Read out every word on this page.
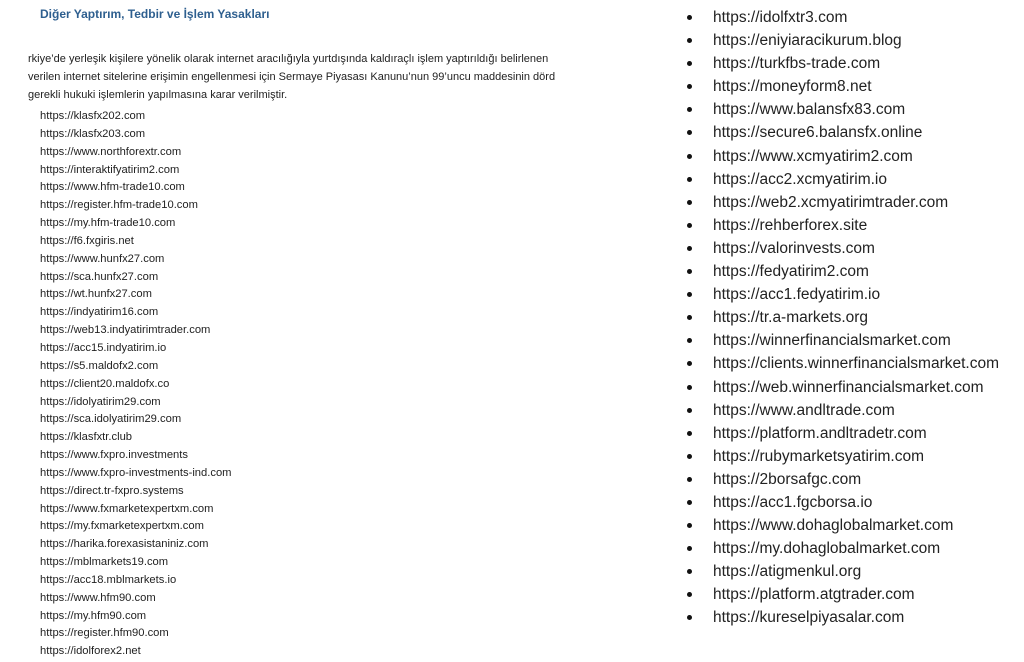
Diğer Yaptırım, Tedbir ve İşlem Yasakları
rkiye’de yerleşik kişilere yönelik olarak internet aracılığıyla yurtdışında kaldıraçlı işlem yaptırıldığı belirlenen
verilen internet sitelerine erişimin engellenmesi için Sermaye Piyasası Kanunu’nun 99’uncu maddesinin dörd
gerekli hukuki işlemlerin yapılmasına karar verilmiştir.
https://klasfx202.com
https://klasfx203.com
https://www.northforextr.com
https://interaktifyatirim2.com
https://www.hfm-trade10.com
https://register.hfm-trade10.com
https://my.hfm-trade10.com
https://f6.fxgiris.net
https://www.hunfx27.com
https://sca.hunfx27.com
https://wt.hunfx27.com
https://indyatirim16.com
https://web13.indyatirimtrader.com
https://acc15.indyatirim.io
https://s5.maldofx2.com
https://client20.maldofx.co
https://idolyatirim29.com
https://sca.idolyatirim29.com
https://klasfxtr.club
https://www.fxpro.investments
https://www.fxpro-investments-ind.com
https://direct.tr-fxpro.systems
https://www.fxmarketexpertxm.com
https://my.fxmarketexpertxm.com
https://harika.forexasistaniniz.com
https://mblmarkets19.com
https://acc18.mblmarkets.io
https://www.hfm90.com
https://my.hfm90.com
https://register.hfm90.com
https://idolforex2.net
https://idolfxtr3.com
https://eniyiaracikurum.blog
https://turkfbs-trade.com
https://moneyform8.net
https://www.balansfx83.com
https://secure6.balansfx.online
https://www.xcmyatirim2.com
https://acc2.xcmyatirim.io
https://web2.xcmyatirimtrader.com
https://rehberforex.site
https://valorinvests.com
https://fedyatirim2.com
https://acc1.fedyatirim.io
https://tr.a-markets.org
https://winnerfinancialsmarket.com
https://clients.winnerfinancialsmarket.com
https://web.winnerfinancialsmarket.com
https://www.andltrade.com
https://platform.andltradetr.com
https://rubymarketsyatirim.com
https://2borsafgc.com
https://acc1.fgcborsa.io
https://www.dohaglobalmarket.com
https://my.dohaglobalmarket.com
https://atigmenkul.org
https://platform.atgtrader.com
https://kureselpiyasalar.com
